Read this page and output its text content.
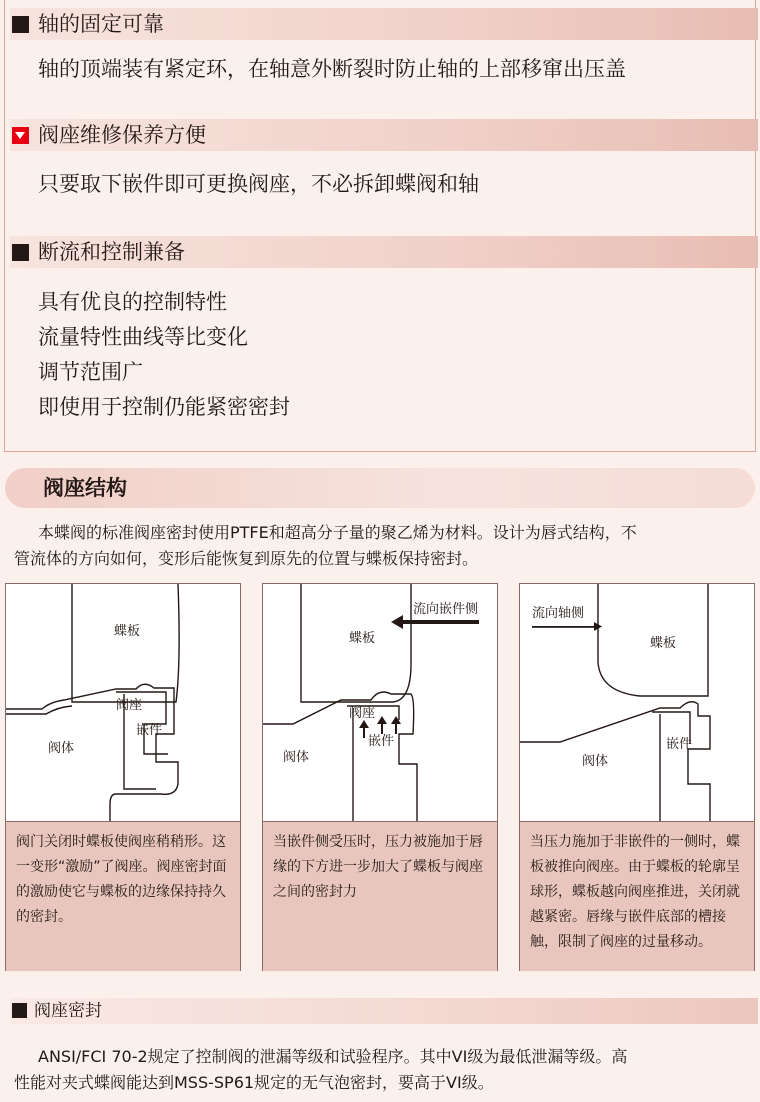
轴的固定可靠
轴的顶端装有紧定环，在轴意外断裂时防止轴的上部移窜出压盖
阀座维修保养方便
只要取下嵌件即可更换阀座，不必拆卸蝶阀和轴
断流和控制兼备
具有优良的控制特性
流量特性曲线等比变化
调节范围广
即使用于控制仍能紧密密封
阀座结构
本蝶阀的标准阀座密封使用PTFE和超高分子量的聚乙烯为材料。设计为唇式结构，不
管流体的方向如何，变形后能恢复到原先的位置与蝶板保持密封。
蝶板
阀座
嵌件
阀体

阀门关闭时蝶板使阀座稍稍形。这一变形“激励”了阀座。阀座密封面的激励使它与蝶板的边缘保持持久的密封。

流向嵌件侧
蝶板
阀座
嵌件
阀体

当嵌件侧受压时，压力被施加于唇缘的下方进一步加大了蝶板与阀座之间的密封力

流向轴侧
蝶板
嵌件
阀体

当压力施加于非嵌件的一侧时，蝶板被推向阀座。由于蝶板的轮廓呈球形，蝶板越向阀座推进，关闭就越紧密。唇缘与嵌件底部的槽接触，限制了阀座的过量移动。

阀座密封
ANSI/FCI 70-2规定了控制阀的泄漏等级和试验程序。其中VI级为最低泄漏等级。高
性能对夹式蝶阀能达到MSS-SP61规定的无气泡密封，要高于VI级。
